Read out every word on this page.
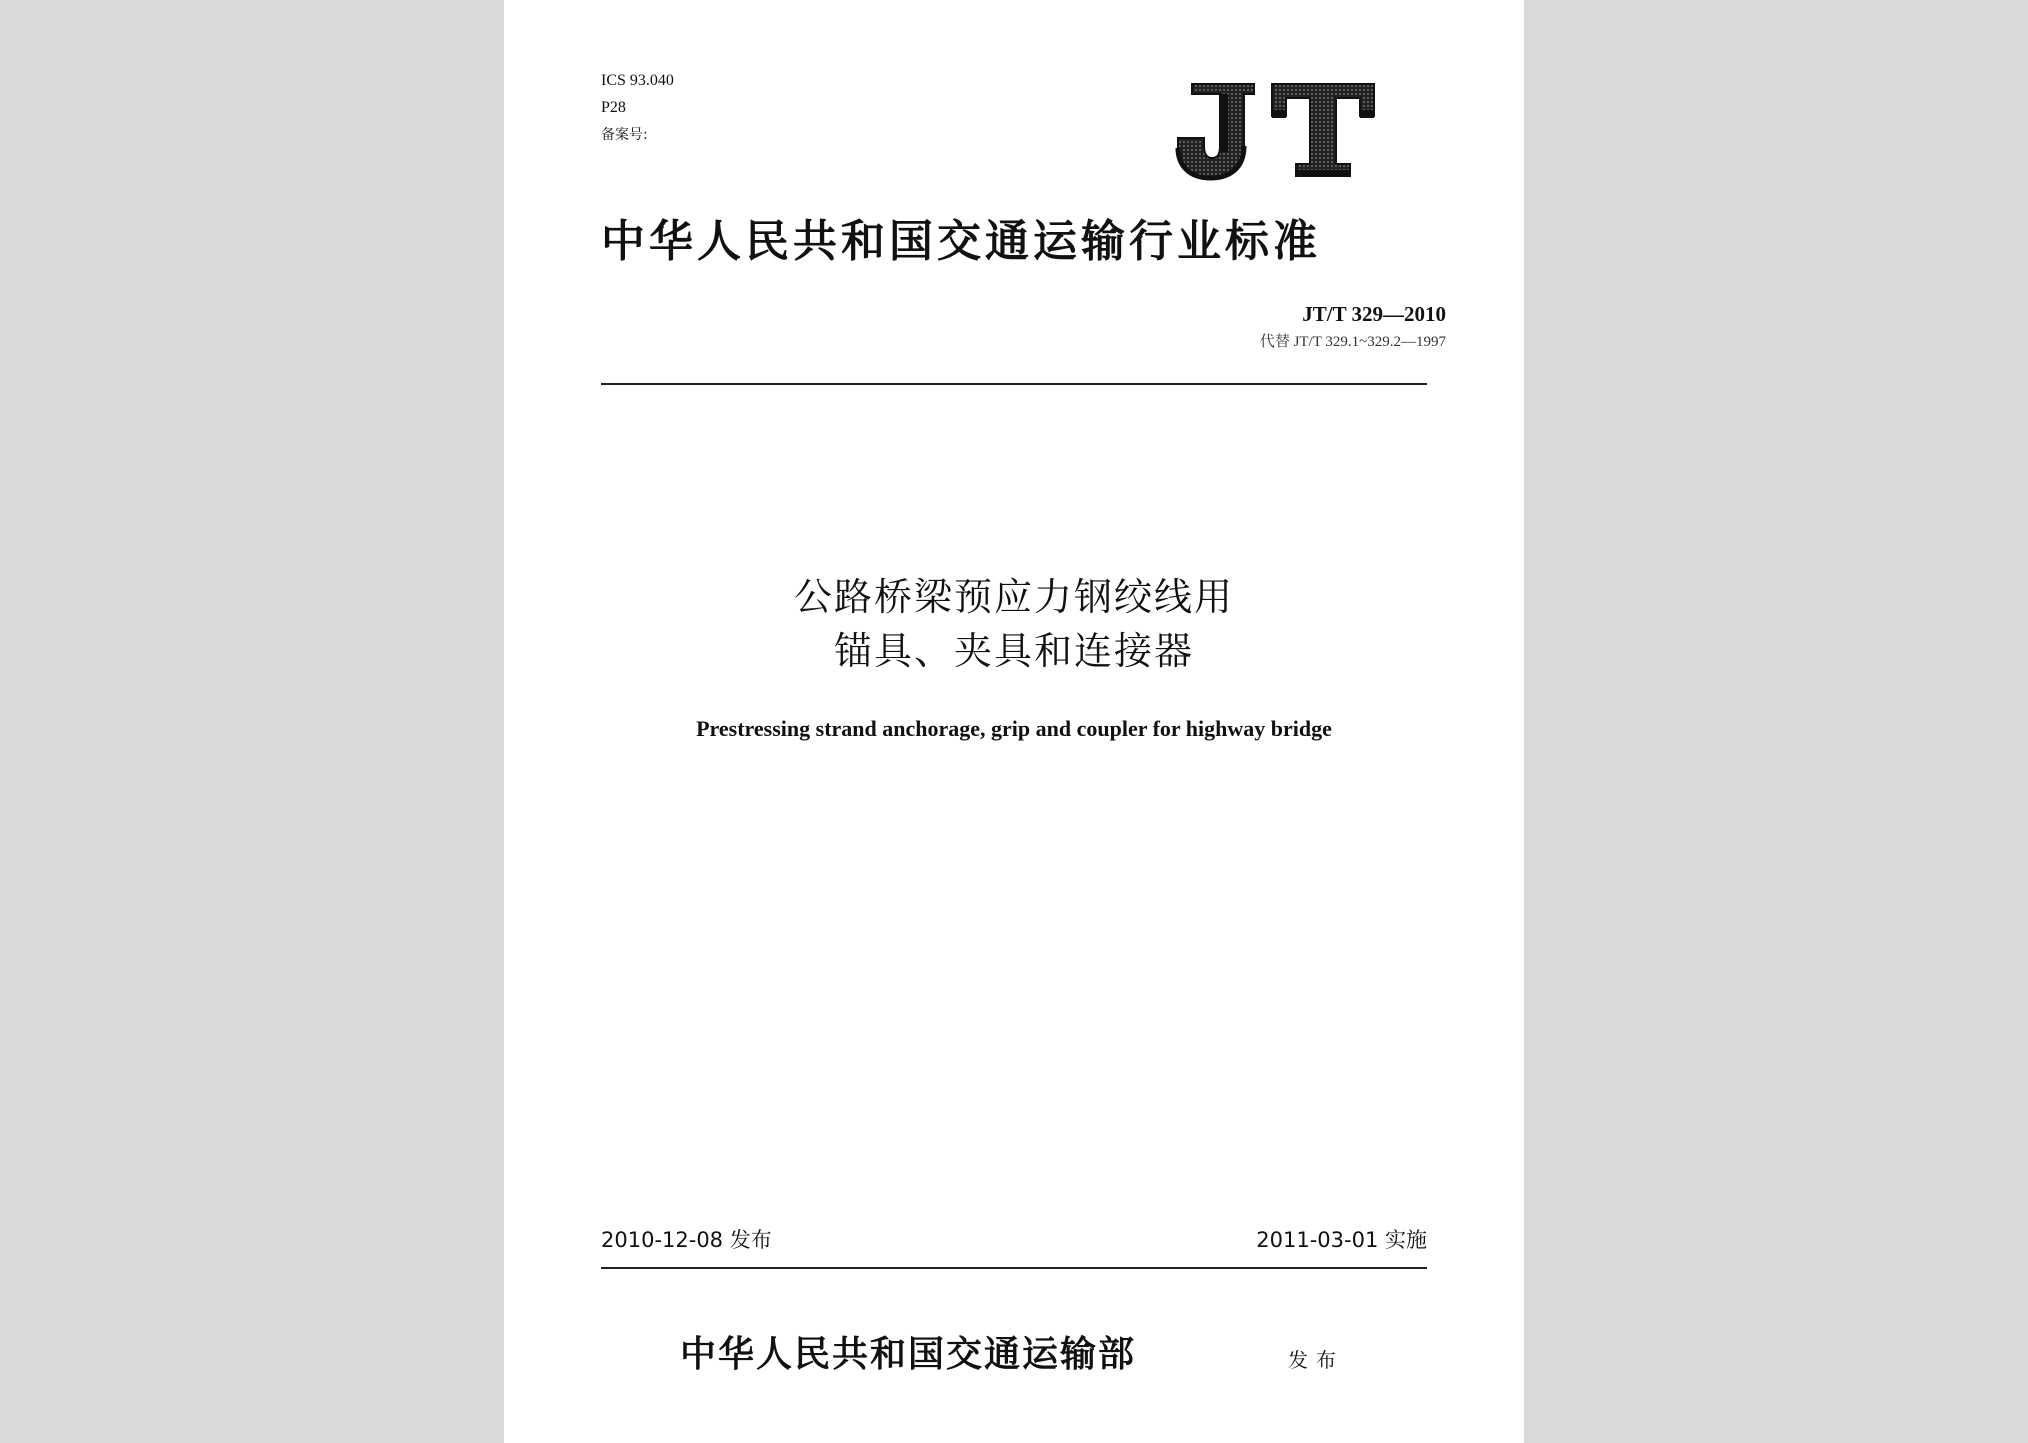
ICS 93.040
P28
备案号:
中华人民共和国交通运输行业标准
JT/T 329—2010
代替 JT/T 329.1~329.2—1997
公路桥梁预应力钢绞线用
锚具、夹具和连接器
Prestressing strand anchorage, grip and coupler for highway bridge
2010-12-08 发布	2011-03-01 实施
中华人民共和国交通运输部	发布
